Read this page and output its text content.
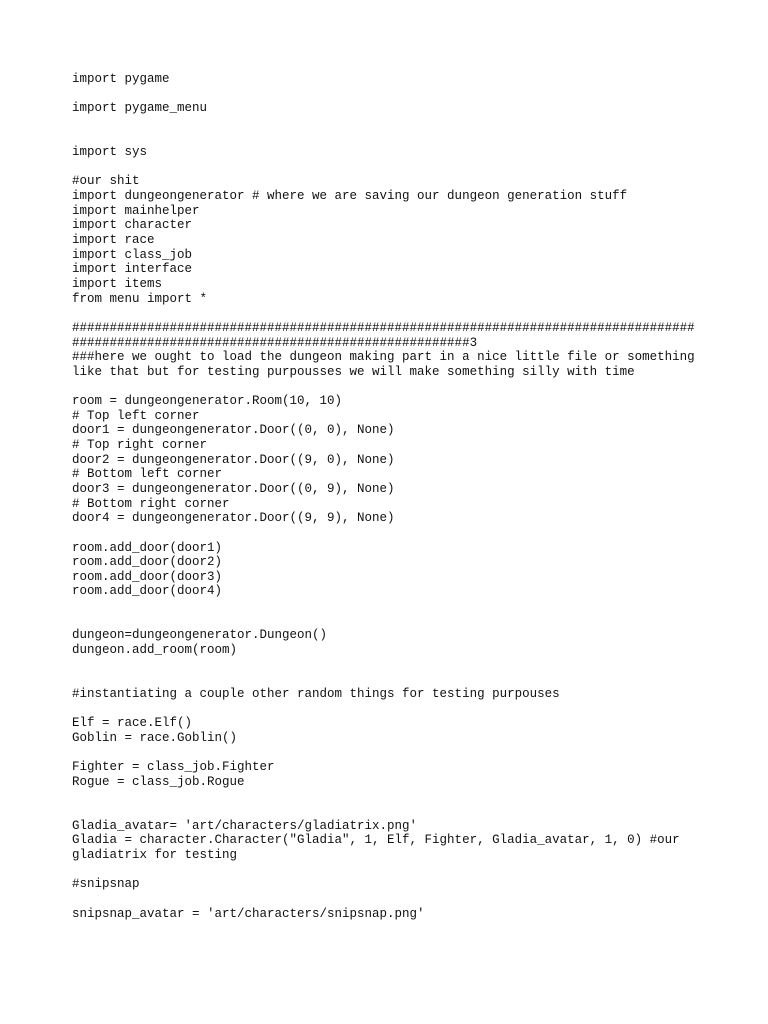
import pygame

import pygame_menu

import sys

#our shit
import dungeongenerator # where we are saving our dungeon generation stuff
import mainhelper
import character
import race
import class_job
import interface
import items
from menu import *

###################################################################################
#####################################################3
###here we ought to load the dungeon making part in a nice little file or something
like that but for testing purpousses we will make something silly with time

room = dungeongenerator.Room(10, 10)
# Top left corner
door1 = dungeongenerator.Door((0, 0), None)
# Top right corner
door2 = dungeongenerator.Door((9, 0), None)
# Bottom left corner
door3 = dungeongenerator.Door((0, 9), None)
# Bottom right corner
door4 = dungeongenerator.Door((9, 9), None)

room.add_door(door1)
room.add_door(door2)
room.add_door(door3)
room.add_door(door4)

dungeon=dungeongenerator.Dungeon()
dungeon.add_room(room)

#instantiating a couple other random things for testing purpouses

Elf = race.Elf()
Goblin = race.Goblin()

Fighter = class_job.Fighter
Rogue = class_job.Rogue

Gladia_avatar= 'art/characters/gladiatrix.png'
Gladia = character.Character("Gladia", 1, Elf, Fighter, Gladia_avatar, 1, 0) #our
gladiatrix for testing

#snipsnap

snipsnap_avatar = 'art/characters/snipsnap.png'
